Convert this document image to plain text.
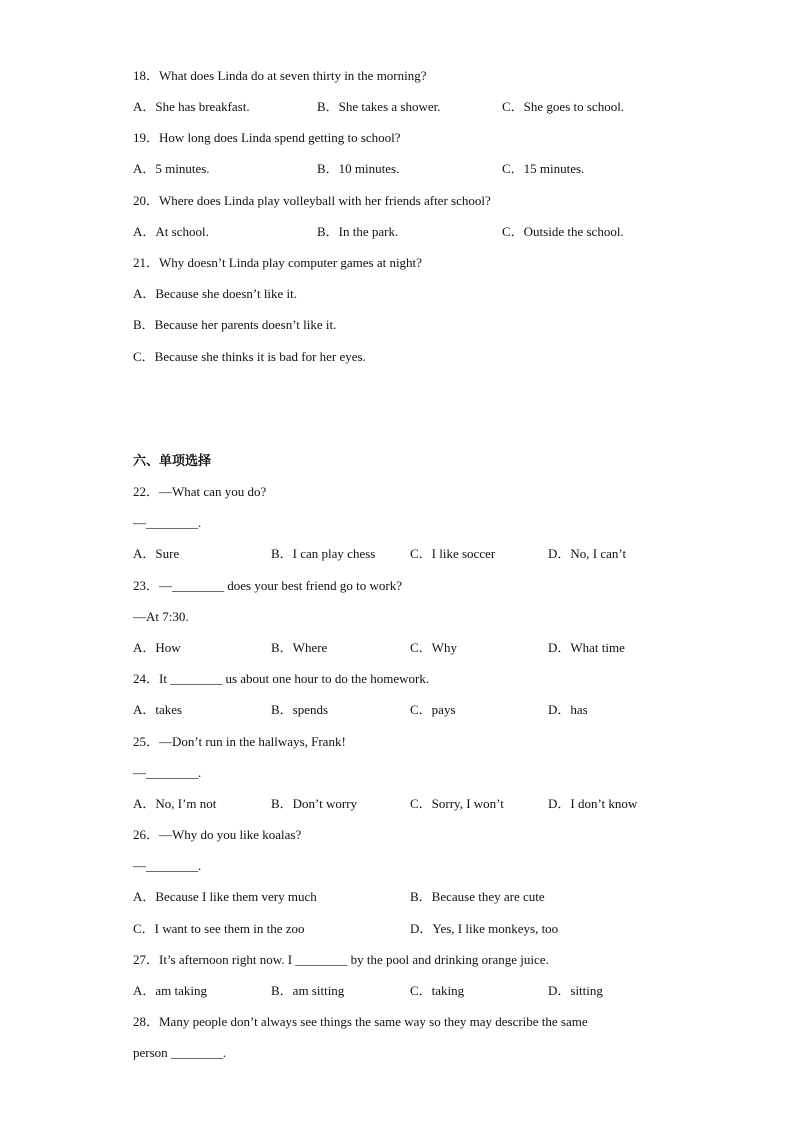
18．What does Linda do at seven thirty in the morning?
A．She has breakfast.	B．She takes a shower.	C．She goes to school.
19．How long does Linda spend getting to school?
A．5 minutes.	B．10 minutes.	C．15 minutes.
20．Where does Linda play volleyball with her friends after school?
A．At school.	B．In the park.	C．Outside the school.
21．Why doesn’t Linda play computer games at night?
A．Because she doesn’t like it.
B．Because her parents doesn’t like it.
C．Because she thinks it is bad for her eyes.
六、单项选择
22．—What can you do?
—________.
A．Sure	B．I can play chess	C．I like soccer	D．No, I can’t
23．—________ does your best friend go to work?
—At 7:30.
A．How	B．Where	C．Why	D．What time
24．It ________ us about one hour to do the homework.
A．takes	B．spends	C．pays	D．has
25．—Don’t run in the hallways, Frank!
—________.
A．No, I’m not	B．Don’t worry	C．Sorry, I won’t	D．I don’t know
26．—Why do you like koalas?
—________.
A．Because I like them very much	B．Because they are cute
C．I want to see them in the zoo	D．Yes, I like monkeys, too
27．It’s afternoon right now. I ________ by the pool and drinking orange juice.
A．am taking	B．am sitting	C．taking	D．sitting
28．Many people don’t always see things the same way so they may describe the same
person ________.
